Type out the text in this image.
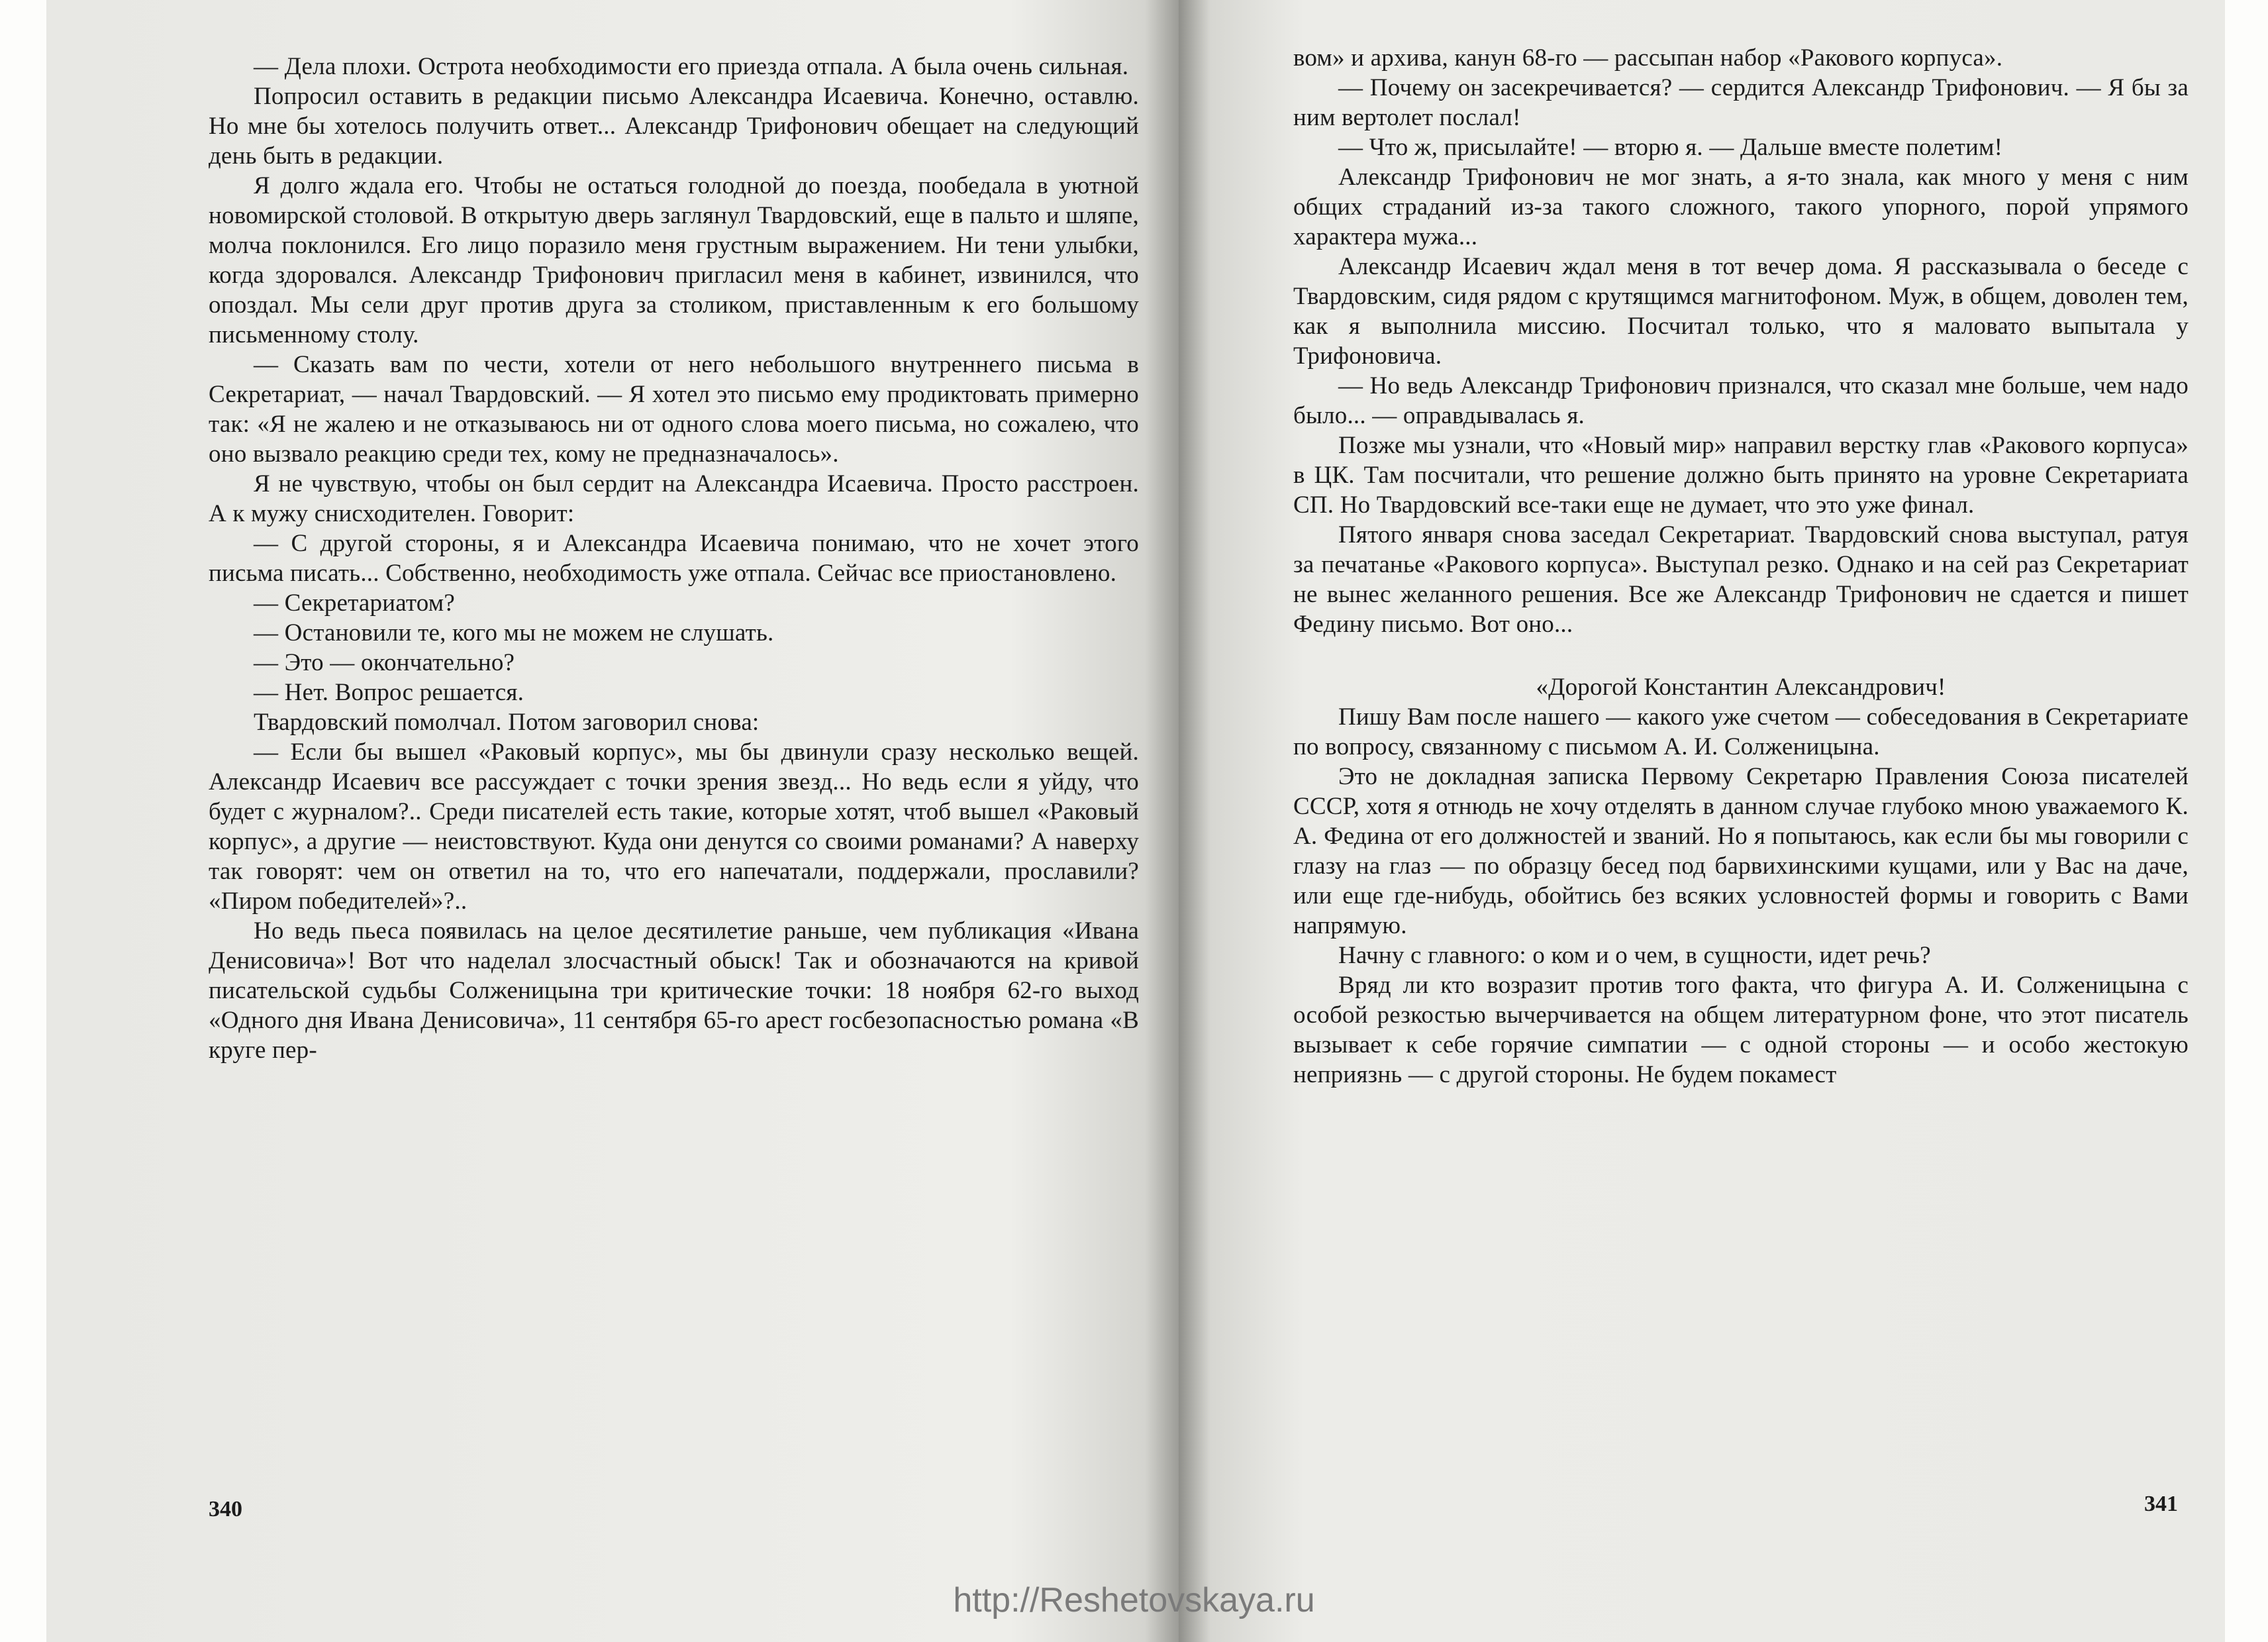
— Дела плохи. Острота необходимости его приезда отпала. А была очень сильная.

Попросил оставить в редакции письмо Александра Исаевича. Конечно, оставлю. Но мне бы хотелось получить ответ... Александр Трифонович обещает на следующий день быть в редакции.

Я долго ждала его. Чтобы не остаться голодной до поезда, пообедала в уютной новомирской столовой. В открытую дверь заглянул Твардовский, еще в пальто и шляпе, молча поклонился. Его лицо поразило меня грустным выражением. Ни тени улыбки, когда здоровался. Александр Трифонович пригласил меня в кабинет, извинился, что опоздал. Мы сели друг против друга за столиком, приставленным к его большому письменному столу.

— Сказать вам по чести, хотели от него небольшого внутреннего письма в Секретариат, — начал Твардовский. — Я хотел это письмо ему продиктовать примерно так: «Я не жалею и не отказываюсь ни от одного слова моего письма, но сожалею, что оно вызвало реакцию среди тех, кому не предназначалось».

Я не чувствую, чтобы он был сердит на Александра Исаевича. Просто расстроен. А к мужу снисходителен. Говорит:

— С другой стороны, я и Александра Исаевича понимаю, что не хочет этого письма писать... Собственно, необходимость уже отпала. Сейчас все приостановлено.

— Секретариатом?

— Остановили те, кого мы не можем не слушать.

— Это — окончательно?

— Нет. Вопрос решается.

Твардовский помолчал. Потом заговорил снова:

— Если бы вышел «Раковый корпус», мы бы двинули сразу несколько вещей. Александр Исаевич все рассуждает с точки зрения звезд... Но ведь если я уйду, что будет с журналом?.. Среди писателей есть такие, которые хотят, чтоб вышел «Раковый корпус», а другие — неистовствуют. Куда они денутся со своими романами? А наверху так говорят: чем он ответил на то, что его напечатали, поддержали, прославили? «Пиром победителей»?..

Но ведь пьеса появилась на целое десятилетие раньше, чем публикация «Ивана Денисовича»! Вот что наделал злосчастный обыск! Так и обозначаются на кривой писательской судьбы Солженицына три критические точки: 18 ноября 62-го выход «Одного дня Ивана Денисовича», 11 сентября 65-го арест госбезопасностью романа «В круге пер-

340

вом» и архива, канун 68-го — рассыпан набор «Ракового корпуса».

— Почему он засекречивается? — сердится Александр Трифонович. — Я бы за ним вертолет послал!

— Что ж, присылайте! — вторю я. — Дальше вместе полетим!

Александр Трифонович не мог знать, а я-то знала, как много у меня с ним общих страданий из-за такого сложного, такого упорного, порой упрямого характера мужа...

Александр Исаевич ждал меня в тот вечер дома. Я рассказывала о беседе с Твардовским, сидя рядом с крутящимся магнитофоном. Муж, в общем, доволен тем, как я выполнила миссию. Посчитал только, что я маловато выпытала у Трифоновича.

— Но ведь Александр Трифонович признался, что сказал мне больше, чем надо было... — оправдывалась я.

Позже мы узнали, что «Новый мир» направил верстку глав «Ракового корпуса» в ЦК. Там посчитали, что решение должно быть принято на уровне Секретариата СП. Но Твардовский все-таки еще не думает, что это уже финал.

Пятого января снова заседал Секретариат. Твардовский снова выступал, ратуя за печатанье «Ракового корпуса». Выступал резко. Однако и на сей раз Секретариат не вынес желанного решения. Все же Александр Трифонович не сдается и пишет Федину письмо. Вот оно...

«Дорогой Константин Александрович!

Пишу Вам после нашего — какого уже счетом — собеседования в Секретариате по вопросу, связанному с письмом А. И. Солженицына.

Это не докладная записка Первому Секретарю Правления Союза писателей СССР, хотя я отнюдь не хочу отделять в данном случае глубоко мною уважаемого К. А. Федина от его должностей и званий. Но я попытаюсь, как если бы мы говорили с глазу на глаз — по образцу бесед под барвихинскими кущами, или у Вас на даче, или еще где-нибудь, обойтись без всяких условностей формы и говорить с Вами напрямую.

Начну с главного: о ком и о чем, в сущности, идет речь?

Вряд ли кто возразит против того факта, что фигура А. И. Солженицына с особой резкостью вычерчивается на общем литературном фоне, что этот писатель вызывает к себе горячие симпатии — с одной стороны — и особо жестокую неприязнь — с другой стороны. Не будем покамест

341
http://Reshetovskaya.ru
